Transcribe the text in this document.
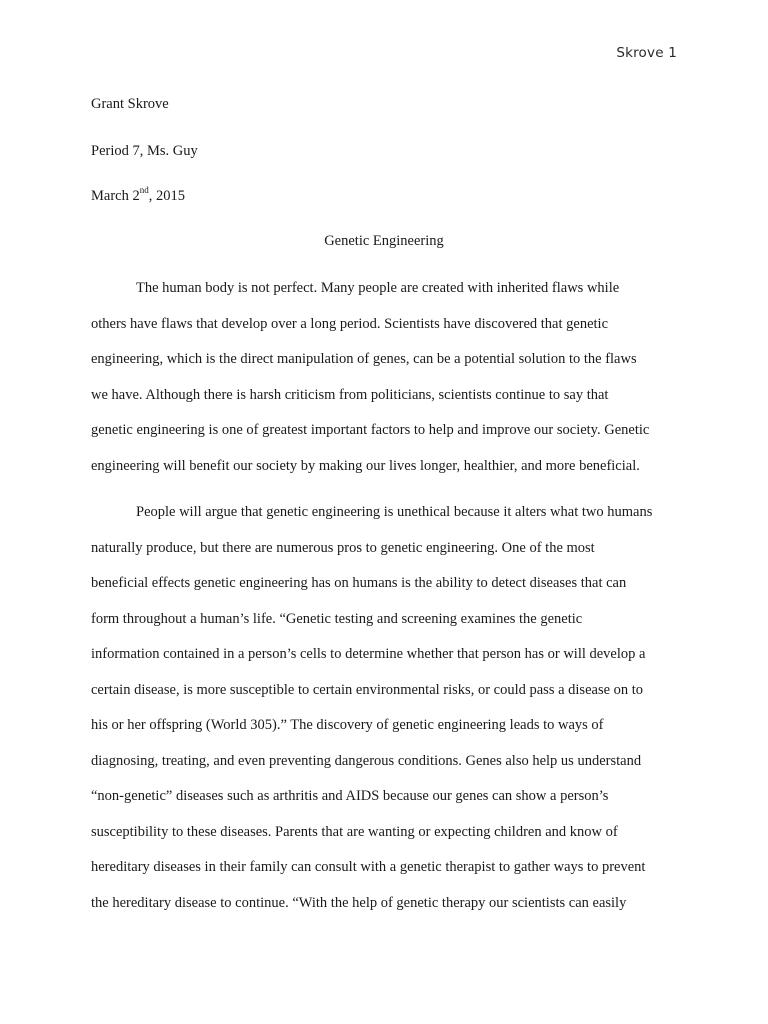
Skrove 1
Grant Skrove
Period 7, Ms. Guy
March 2nd, 2015
Genetic Engineering
The human body is not perfect. Many people are created with inherited flaws while
others have flaws that develop over a long period. Scientists have discovered that genetic
engineering, which is the direct manipulation of genes, can be a potential solution to the flaws
we have. Although there is harsh criticism from politicians, scientists continue to say that
genetic engineering is one of greatest important factors to help and improve our society. Genetic
engineering will benefit our society by making our lives longer, healthier, and more beneficial.
People will argue that genetic engineering is unethical because it alters what two humans
naturally produce, but there are numerous pros to genetic engineering. One of the most
beneficial effects genetic engineering has on humans is the ability to detect diseases that can
form throughout a human’s life. “Genetic testing and screening examines the genetic
information contained in a person’s cells to determine whether that person has or will develop a
certain disease, is more susceptible to certain environmental risks, or could pass a disease on to
his or her offspring (World 305).” The discovery of genetic engineering leads to ways of
diagnosing, treating, and even preventing dangerous conditions. Genes also help us understand
“non-genetic” diseases such as arthritis and AIDS because our genes can show a person’s
susceptibility to these diseases. Parents that are wanting or expecting children and know of
hereditary diseases in their family can consult with a genetic therapist to gather ways to prevent
the hereditary disease to continue. “With the help of genetic therapy our scientists can easily
